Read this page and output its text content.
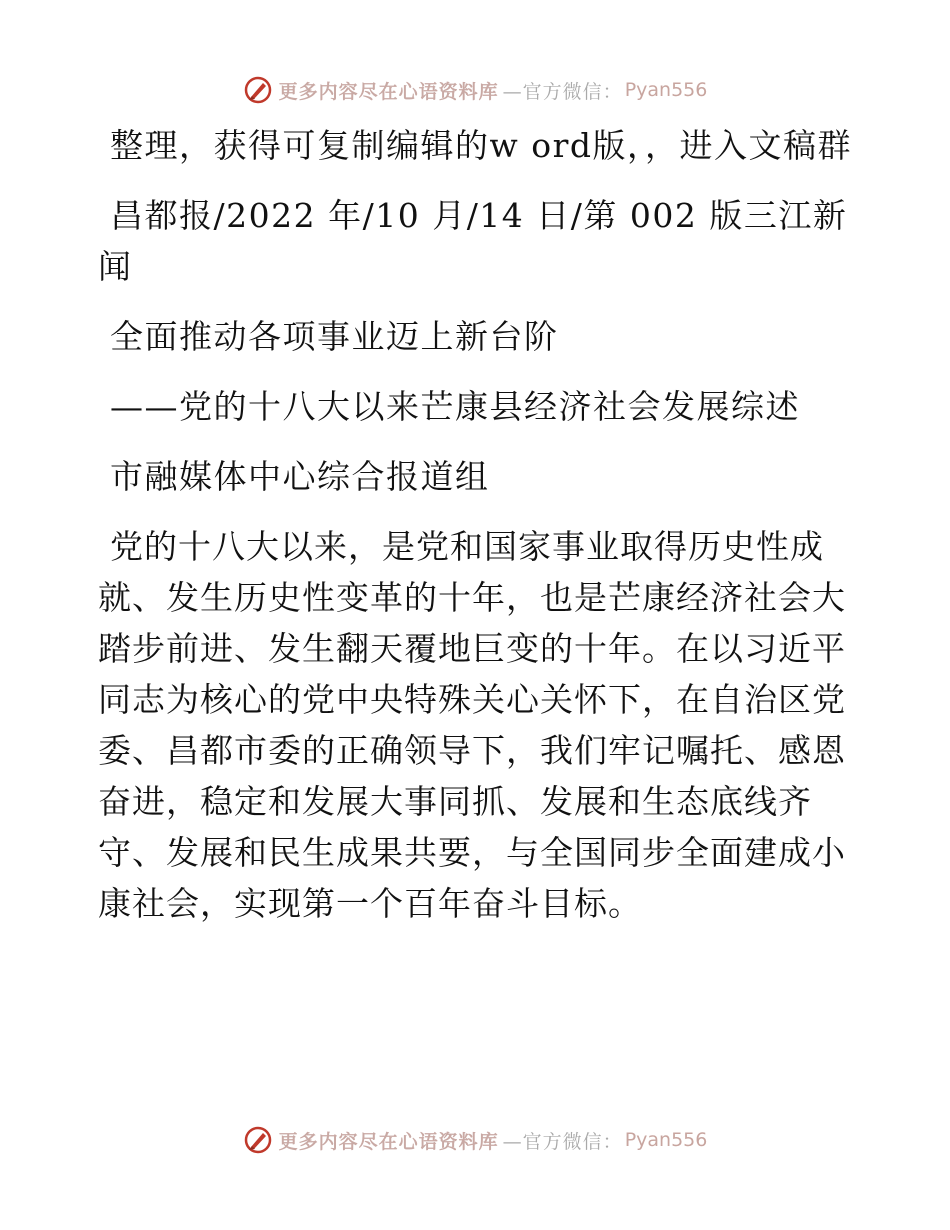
更多内容尽在心语资料库 —官方微信： Pyan556

整理，获得可复制编辑的w ord版，，进入文稿群

昌都报/2022 年/10 月/14 日/第 002 版三江新闻

全面推动各项事业迈上新台阶

——党的十八大以来芒康县经济社会发展综述

市融媒体中心综合报道组

党的十八大以来，是党和国家事业取得历史性成就、发生历史性变革的十年，也是芒康经济社会大踏步前进、发生翻天覆地巨变的十年。在以习近平同志为核心的党中央特殊关心关怀下，在自治区党委、昌都市委的正确领导下，我们牢记嘱托、感恩奋进，稳定和发展大事同抓、发展和生态底线齐守、发展和民生成果共要，与全国同步全面建成小康社会，实现第一个百年奋斗目标。

更多内容尽在心语资料库 —官方微信： Pyan556
